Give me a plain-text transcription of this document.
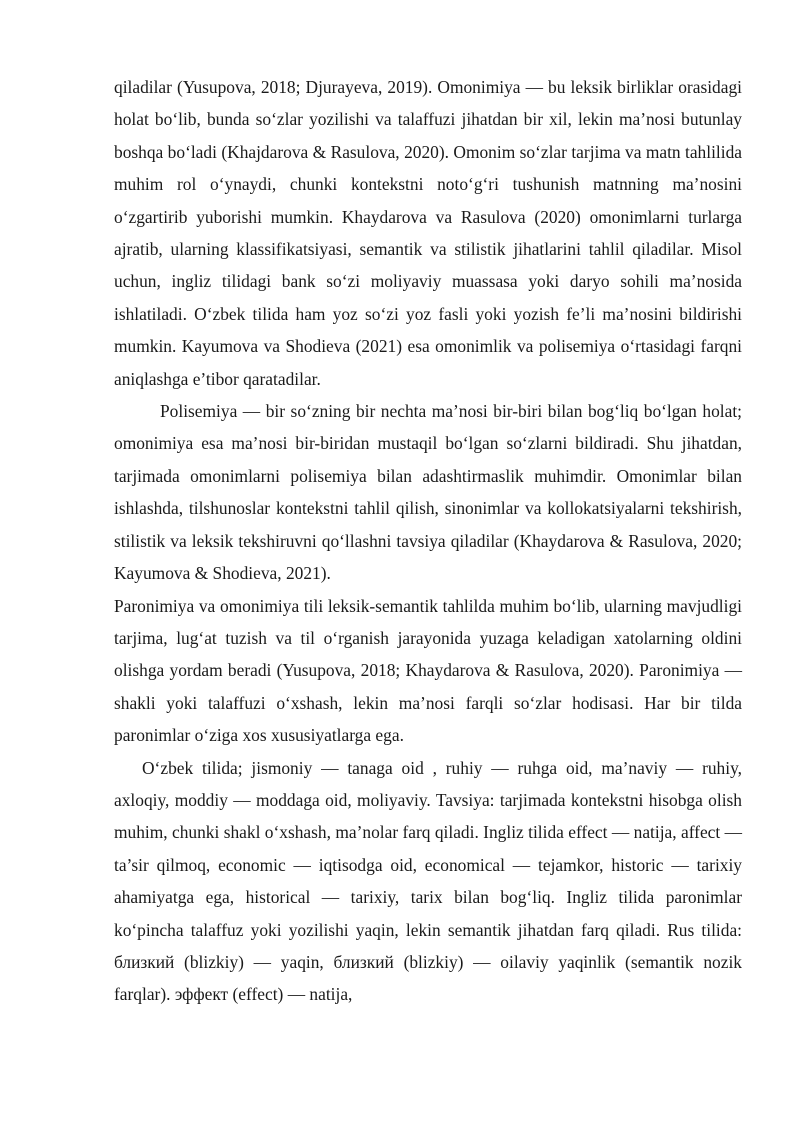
qiladilar (Yusupova, 2018; Djurayeva, 2019). Omonimiya — bu leksik birliklar orasidagi holat bo‘lib, bunda so‘zlar yozilishi va talaffuzi jihatdan bir xil, lekin ma’nosi butunlay boshqa bo‘ladi (Khajdarova & Rasulova, 2020). Omonim so‘zlar tarjima va matn tahlilida muhim rol o‘ynaydi, chunki kontekstni noto‘g‘ri tushunish matnning ma’nosini o‘zgartirib yuborishi mumkin. Khaydarova va Rasulova (2020) omonimlarni turlarga ajratib, ularning klassifikatsiyasi, semantik va stilistik jihatlarini tahlil qiladilar. Misol uchun, ingliz tilidagi bank so‘zi moliyaviy muassasa yoki daryo sohili ma’nosida ishlatiladi. O‘zbek tilida ham yoz so‘zi yoz fasli yoki yozish fe’li ma’nosini bildirishi mumkin. Kayumova va Shodieva (2021) esa omonimlik va polisemiya o‘rtasidagi farqni aniqlashga e’tibor qaratadilar.

Polisemiya — bir so‘zning bir nechta ma’nosi bir-biri bilan bog‘liq bo‘lgan holat; omonimiya esa ma’nosi bir-biridan mustaqil bo‘lgan so‘zlarni bildiradi. Shu jihatdan, tarjimada omonimlarni polisemiya bilan adashtirmaslik muhimdir. Omonimlar bilan ishlashda, tilshunoslar kontekstni tahlil qilish, sinonimlar va kollokatsiyalarni tekshirish, stilistik va leksik tekshiruvni qo‘llashni tavsiya qiladilar (Khaydarova & Rasulova, 2020; Kayumova & Shodieva, 2021).

Paronimiya va omonimiya tili leksik-semantik tahlilda muhim bo‘lib, ularning mavjudligi tarjima, lug‘at tuzish va til o‘rganish jarayonida yuzaga keladigan xatolarning oldini olishga yordam beradi (Yusupova, 2018; Khaydarova & Rasulova, 2020). Paronimiya — shakli yoki talaffuzi o‘xshash, lekin ma’nosi farqli so‘zlar hodisasi. Har bir tilda paronimlar o‘ziga xos xususiyatlarga ega.

O‘zbek tilida; jismoniy — tanaga oid , ruhiy — ruhga oid, ma’naviy — ruhiy, axloqiy, moddiy — moddaga oid, moliyaviy. Tavsiya: tarjimada kontekstni hisobga olish muhim, chunki shakl o‘xshash, ma’nolar farq qiladi. Ingliz tilida effect — natija, affect — ta’sir qilmoq, economic — iqtisodga oid, economical — tejamkor, historic — tarixiy ahamiyatga ega, historical — tarixiy, tarix bilan bog‘liq. Ingliz tilida paronimlar ko‘pincha talaffuz yoki yozilishi yaqin, lekin semantik jihatdan farq qiladi. Rus tilida: близкий (blizkiy) — yaqin, близкий (blizkiy) — oilaviy yaqinlik (semantik nozik farqlar). эффект (effect) — natija,
